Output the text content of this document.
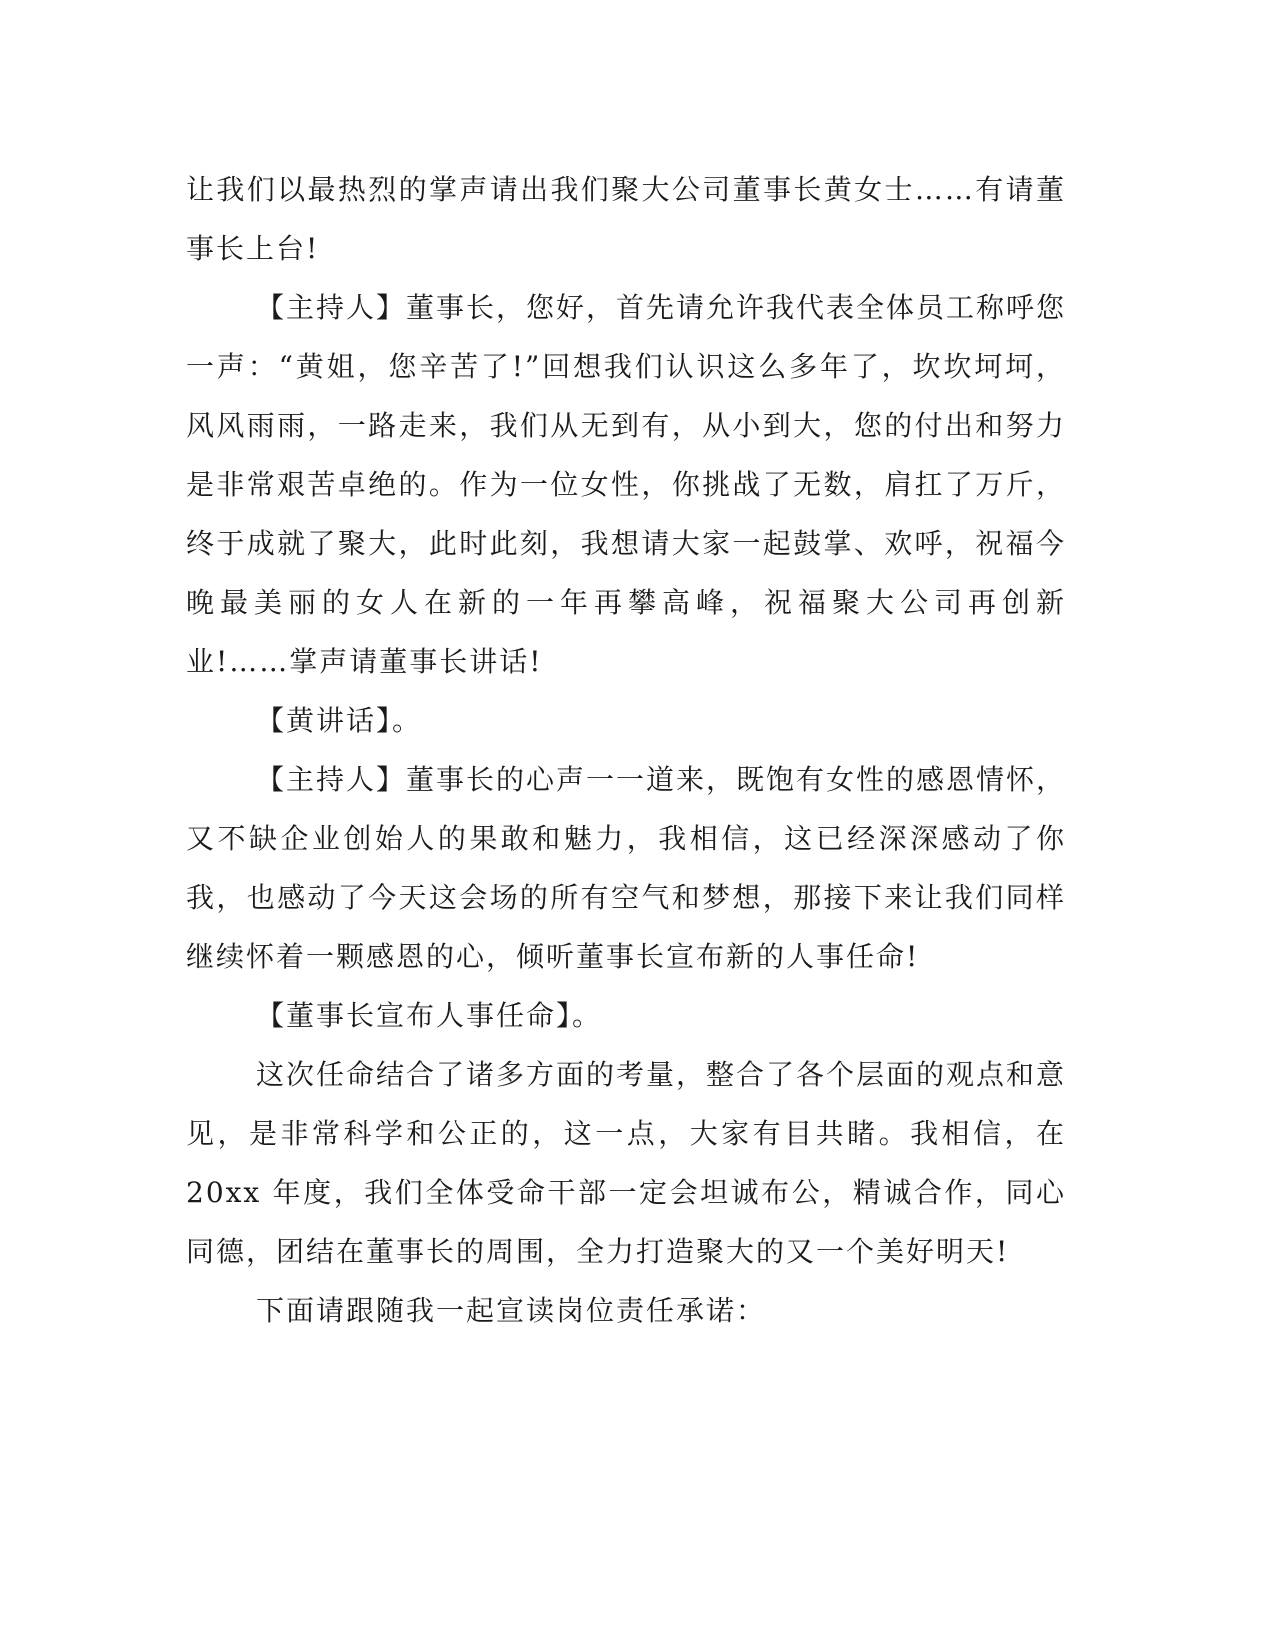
让我们以最热烈的掌声请出我们聚大公司董事长黄女士……有请董事长上台!

【主持人】董事长，您好，首先请允许我代表全体员工称呼您一声：“黄姐，您辛苦了!”回想我们认识这么多年了，坎坎坷坷，风风雨雨，一路走来，我们从无到有，从小到大，您的付出和努力是非常艰苦卓绝的。作为一位女性，你挑战了无数，肩扛了万斤，终于成就了聚大，此时此刻，我想请大家一起鼓掌、欢呼，祝福今晚最美丽的女人在新的一年再攀高峰，祝福聚大公司再创新业!……掌声请董事长讲话!

【黄讲话】。

【主持人】董事长的心声一一道来，既饱有女性的感恩情怀，又不缺企业创始人的果敢和魅力，我相信，这已经深深感动了你我，也感动了今天这会场的所有空气和梦想，那接下来让我们同样继续怀着一颗感恩的心，倾听董事长宣布新的人事任命!

【董事长宣布人事任命】。

这次任命结合了诸多方面的考量，整合了各个层面的观点和意见，是非常科学和公正的，这一点，大家有目共睹。我相信，在 20xx 年度，我们全体受命干部一定会坦诚布公，精诚合作，同心同德，团结在董事长的周围，全力打造聚大的又一个美好明天!

下面请跟随我一起宣读岗位责任承诺：
